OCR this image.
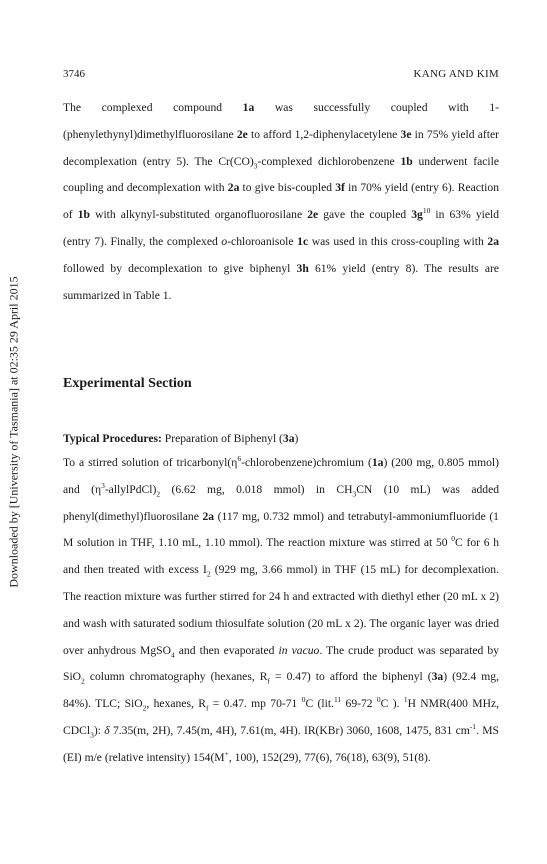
Downloaded by [University of Tasmania] at 02:35 29 April 2015
3746	KANG AND KIM
The complexed compound 1a was successfully coupled with 1-(phenylethynyl)dimethylfluorosilane 2e to afford 1,2-diphenylacetylene 3e in 75% yield after decomplexation (entry 5). The $Cr(CO)_3$-complexed dichlorobenzene 1b underwent facile coupling and decomplexation with 2a to give bis-coupled 3f in 70% yield (entry 6). Reaction of 1b with alkynyl-substituted organofluorosilane 2e gave the coupled $3g^{10}$ in 63% yield (entry 7). Finally, the complexed o-chloroanisole 1c was used in this cross-coupling with 2a followed by decomplexation to give biphenyl 3h 61% yield (entry 8). The results are summarized in Table 1.
Experimental Section
Typical Procedures: Preparation of Biphenyl (3a)
To a stirred solution of $tricarbonyl(\eta^6-chlorobenzene)chromium$ (1a) (200 mg, 0.805 mmol) and $(\eta^3-allylPdCl)_2$ (6.62 mg, 0.018 mmol) in $CH_3CN$ (10 mL) was added phenyl(dimethyl)fluorosilane 2a (117 mg, 0.732 mmol) and tetrabutyl-ammoniumfluoride (1 M solution in THF, 1.10 mL, 1.10 mmol). The reaction mixture was stirred at 50 $^0$C for 6 h and then treated with excess $I_2$ (929 mg, 3.66 mmol) in THF (15 mL) for decomplexation. The reaction mixture was further stirred for 24 h and extracted with diethyl ether (20 mL x 2) and wash with saturated sodium thiosulfate solution (20 mL x 2). The organic layer was dried over anhydrous MgSO$_4$ and then evaporated in vacuo. The crude product was separated by SiO$_2$ column chromatography (hexanes, $R_f = 0.47$) to afford the biphenyl (3a) (92.4 mg, 84%). TLC; SiO$_2$, hexanes, $R_f = 0.47$. mp 70-71 $^0$C (lit.$^{11}$ 69-72 $^0$C ). $^1$H NMR(400 MHz, CDCl$_3$): δ 7.35(m, 2H), 7.45(m, 4H), 7.61(m, 4H). IR(KBr) 3060, 1608, 1475, 831 $cm^{-1}$. MS (EI) m/e (relative intensity) 154(M+, 100), 152(29), 77(6), 76(18), 63(9), 51(8).
